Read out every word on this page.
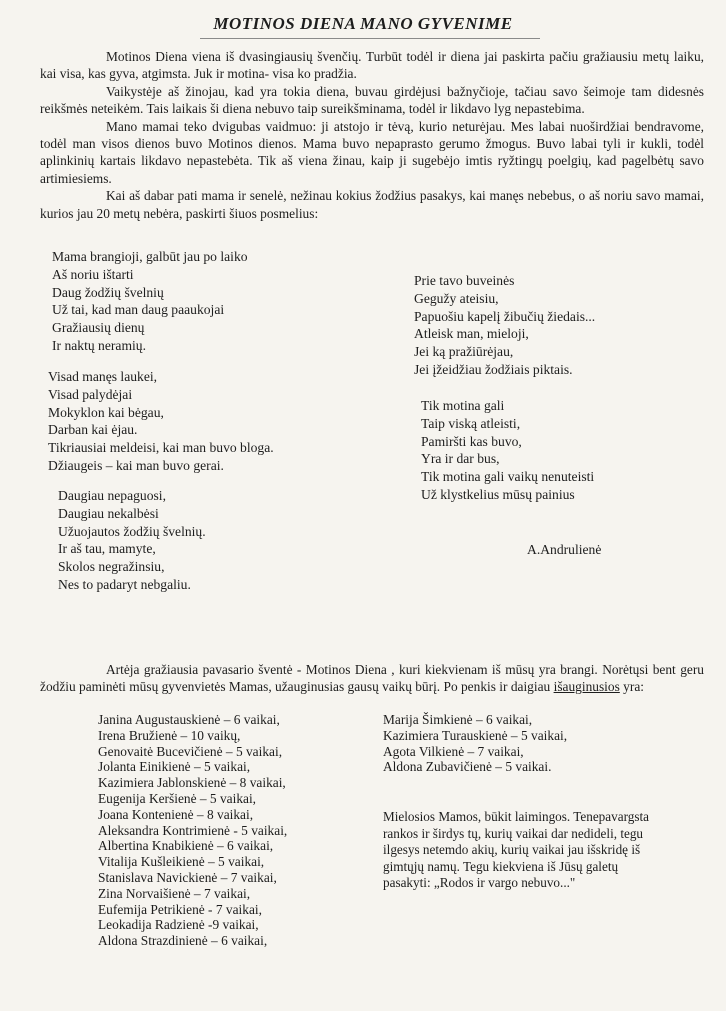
MOTINOS DIENA MANO GYVENIME

Motinos Diena viena iš dvasingiausių švenčių. Turbūt todėl ir diena jai paskirta pačiu gražiausiu metų laiku, kai visa, kas gyva, atgimsta. Juk ir motina- visa ko pradžia.

Vaikystėje aš žinojau, kad yra tokia diena, buvau girdėjusi bažnyčioje, tačiau savo šeimoje tam didesnės reikšmės neteikėm. Tais laikais ši diena nebuvo taip sureikšminama, todėl ir likdavo lyg nepastebima.

Mano mamai teko dvigubas vaidmuo: ji atstojo ir tėvą, kurio neturėjau. Mes labai nuoširdžiai bendravome, todėl man visos dienos buvo Motinos dienos. Mama buvo nepaprasto gerumo žmogus. Buvo labai tyli ir kukli, todėl aplinkinių kartais likdavo nepastebėta. Tik aš viena žinau, kaip ji sugebėjo imtis ryžtingų poelgių, kad pagelbėtų savo artimiesiems.

Kai aš dabar pati mama ir senelė, nežinau kokius žodžius pasakys, kai manęs nebebus, o aš noriu savo mamai, kurios jau 20 metų nebėra, paskirti šiuos posmelius:

Mama brangioji, galbūt jau po laiko
Aš noriu ištarti
Daug žodžių švelnių
Už tai, kad man daug paaukojai
Gražiausių dienų
Ir naktų neramių.
Visad manęs laukei,
Visad palydėjai
Mokyklon kai bėgau,
Darban kai ėjau.
Tikriausiai meldeisi, kai man buvo bloga.
Džiaugeis – kai man buvo gerai.
Daugiau nepaguosi,
Daugiau nekalbėsi
Užuojautos žodžių švelnių.
Ir aš tau, mamyte,
Skolos negražinsiu,
Nes to padaryt nebgaliu.
Prie tavo buveinės
Gegužy ateisiu,
Papuošiu kapelį žibučių žiedais...
Atleisk man, mieloji,
Jei ką pražiūrėjau,
Jei įžeidžiau žodžiais piktais.
Tik motina gali
Taip viską atleisti,
Pamiršti kas buvo,
Yra ir dar bus,
Tik motina gali vaikų nenuteisti
Už klystkelius mūsų painius
A.Andrulienė

Artėja gražiausia pavasario šventė - Motinos Diena , kuri kiekvienam iš mūsų yra brangi. Norėtųsi bent geru žodžiu paminėti mūsų gyvenvietės Mamas, užauginusias gausų vaikų būrį. Po penkis ir daigiau išauginusios yra:

Janina Augustauskienė – 6 vaikai,
Irena Bružienė – 10 vaikų,
Genovaitė Bucevičienė – 5 vaikai,
Jolanta Einikienė – 5 vaikai,
Kazimiera Jablonskienė – 8 vaikai,
Eugenija Keršienė – 5 vaikai,
Joana Kontenienė – 8 vaikai,
Aleksandra Kontrimienė - 5 vaikai,
Albertina Knabikienė – 6 vaikai,
Vitalija Kušleikienė – 5 vaikai,
Stanislava Navickienė – 7 vaikai,
Zina Norvaišienė – 7 vaikai,
Eufemija Petrikienė - 7 vaikai,
Leokadija Radzienė -9 vaikai,
Aldona Strazdinienė – 6 vaikai,
Marija Šimkienė – 6 vaikai,
Kazimiera Turauskienė – 5 vaikai,
Agota Vilkienė – 7 vaikai,
Aldona Zubavičienė – 5 vaikai.
Mielosios Mamos, būkit laimingos. Tenepavargsta rankos ir širdys tų, kurių vaikai dar nedideli, tegu ilgesys netemdo akių, kurių vaikai jau išskridę iš gimtųjų namų. Tegu kiekviena iš Jūsų galetų pasakyti: „Rodos ir vargo nebuvo..."
